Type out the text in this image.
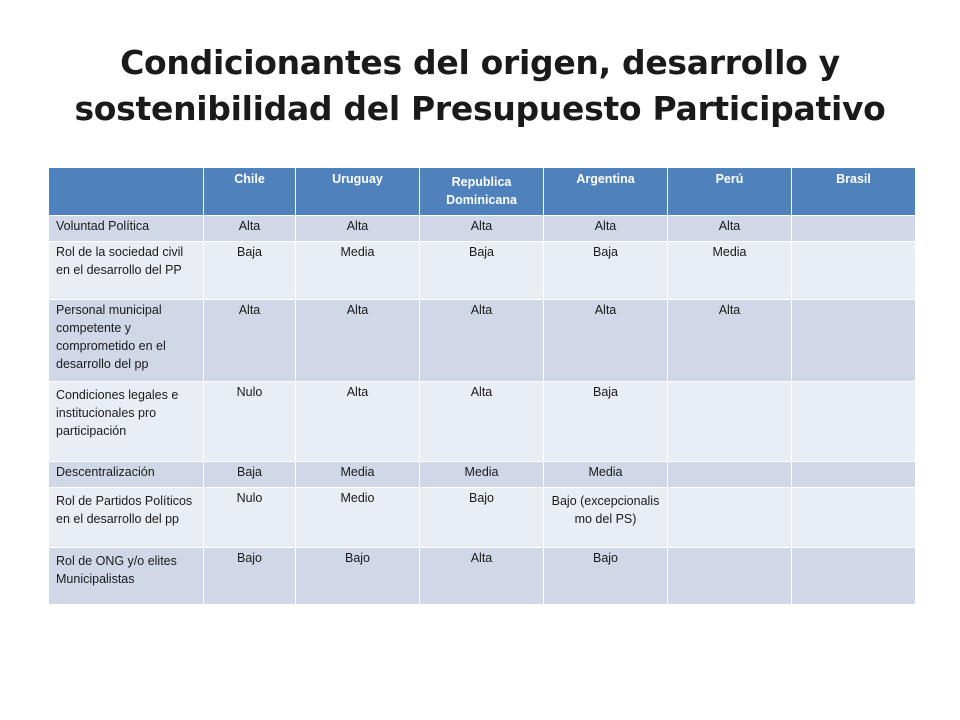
Condicionantes del origen, desarrollo y
sostenibilidad del Presupuesto Participativo
	Chile	Uruguay	Republica Dominicana	Argentina	Perú	Brasil
Voluntad Política	Alta	Alta	Alta	Alta	Alta	
Rol de la sociedad civil en el desarrollo del PP	Baja	Media	Baja	Baja	Media	
Personal municipal competente y comprometido en el desarrollo del pp	Alta	Alta	Alta	Alta	Alta	
Condiciones legales e institucionales pro participación	Nulo	Alta	Alta	Baja		
Descentralización	Baja	Media	Media	Media		
Rol de Partidos Políticos en el desarrollo del pp	Nulo	Medio	Bajo	Bajo (excepcionalismo del PS)		
Rol de ONG y/o elites Municipalistas	Bajo	Bajo	Alta	Bajo		
